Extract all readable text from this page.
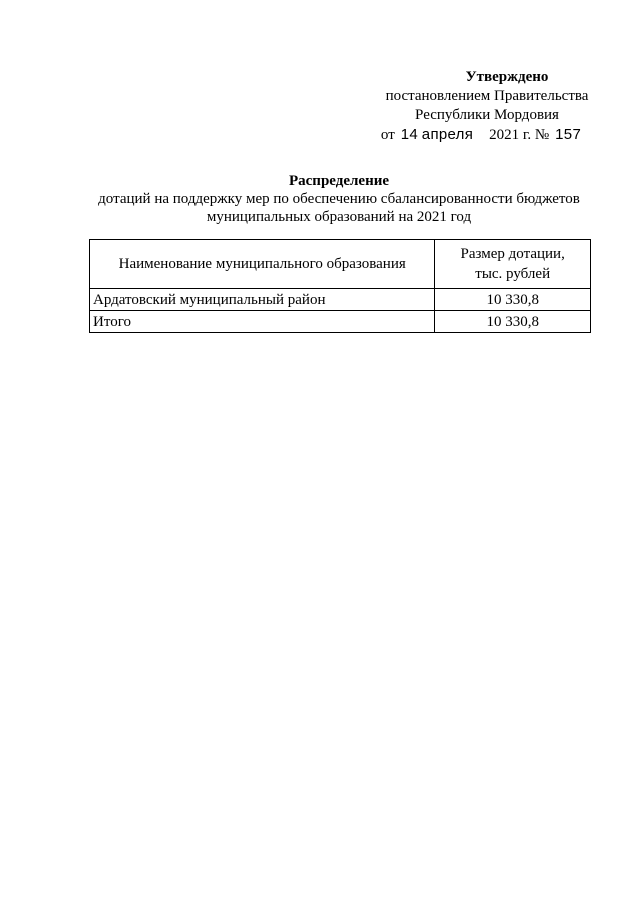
Утверждено
постановлением Правительства
Республики Мордовия
от 14 апреля 2021 г. № 157
Распределение
дотаций на поддержку мер по обеспечению сбалансированности бюджетов
муниципальных образований на 2021 год
Наименование муниципального образования	Размер дотации,
тыс. рублей

Ардатовский муниципальный район	10 330,8
Итого	10 330,8
